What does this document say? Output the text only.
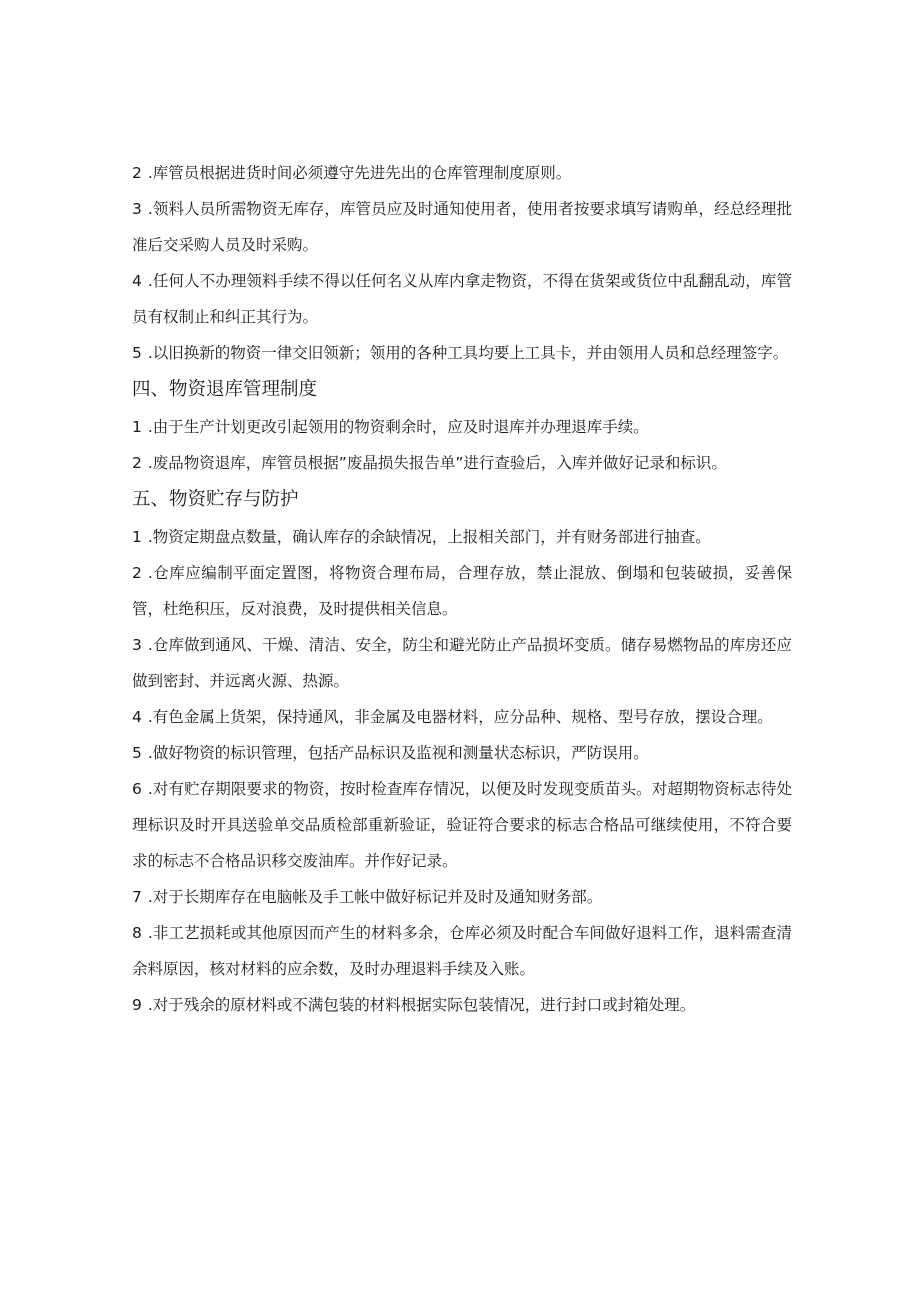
2 .库管员根据进货时间必须遵守先进先出的仓库管理制度原则。

3 .领料人员所需物资无库存，库管员应及时通知使用者，使用者按要求填写请购单，经总经理批准后交采购人员及时采购。

4 .任何人不办理领料手续不得以任何名义从库内拿走物资，不得在货架或货位中乱翻乱动，库管员有权制止和纠正其行为。

5 .以旧换新的物资一律交旧领新；领用的各种工具均要上工具卡，并由领用人员和总经理签字。

四、物资退库管理制度

1 .由于生产计划更改引起领用的物资剩余时，应及时退库并办理退库手续。

2 .废品物资退库，库管员根据”废晶损失报告单”进行查验后，入库并做好记录和标识。

五、物资贮存与防护

1 .物资定期盘点数量，确认库存的余缺情况，上报相关部门，并有财务部进行抽查。

2 .仓库应编制平面定置图，将物资合理布局，合理存放，禁止混放、倒塌和包装破损，妥善保管，杜绝积压，反对浪费，及时提供相关信息。

3 .仓库做到通风、干燥、清洁、安全，防尘和避光防止产品损坏变质。储存易燃物品的库房还应做到密封、并远离火源、热源。

4 .有色金属上货架，保持通风，非金属及电器材料，应分品种、规格、型号存放，摆设合理。

5 .做好物资的标识管理，包括产品标识及监视和测量状态标识，严防误用。

6 .对有贮存期限要求的物资，按时检查库存情况，以便及时发现变质苗头。对超期物资标志待处理标识及时开具送验单交品质检部重新验证，验证符合要求的标志合格品可继续使用，不符合要求的标志不合格品识移交废油库。并作好记录。

7 .对于长期库存在电脑帐及手工帐中做好标记并及时及通知财务部。

8 .非工艺损耗或其他原因而产生的材料多余，仓库必须及时配合车间做好退料工作，退料需查清余料原因，核对材料的应余数，及时办理退料手续及入账。

9 .对于残余的原材料或不满包装的材料根据实际包装情况，进行封口或封箱处理。
